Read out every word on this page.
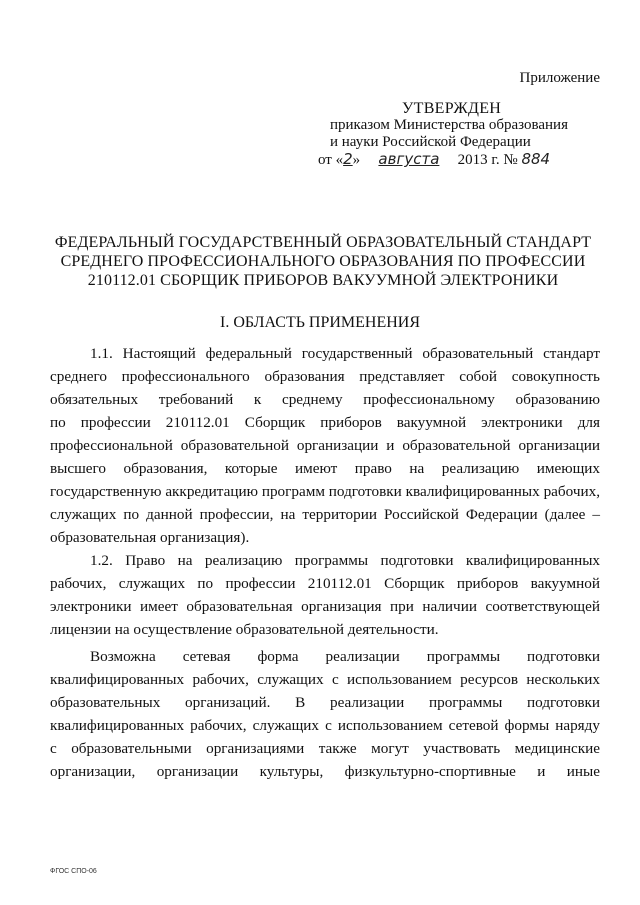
Приложение
УТВЕРЖДЕН
приказом Министерства образования
и науки Российской Федерации
от «2» августа 2013 г. № 884
ФЕДЕРАЛЬНЫЙ ГОСУДАРСТВЕННЫЙ ОБРАЗОВАТЕЛЬНЫЙ СТАНДАРТ
СРЕДНЕГО ПРОФЕССИОНАЛЬНОГО ОБРАЗОВАНИЯ ПО ПРОФЕССИИ
210112.01 СБОРЩИК ПРИБОРОВ ВАКУУМНОЙ ЭЛЕКТРОНИКИ
I. ОБЛАСТЬ ПРИМЕНЕНИЯ

1.1. Настоящий федеральный государственный образовательный стандарт
среднего профессионального образования представляет собой совокупность
обязательных требований к среднему профессиональному образованию
по профессии 210112.01 Сборщик приборов вакуумной электроники для
профессиональной образовательной организации и образовательной организации
высшего образования, которые имеют право на реализацию имеющих
государственную аккредитацию программ подготовки квалифицированных рабочих,
служащих по данной профессии, на территории Российской Федерации (далее –
образовательная организация).

1.2. Право на реализацию программы подготовки квалифицированных
рабочих, служащих по профессии 210112.01 Сборщик приборов вакуумной
электроники имеет образовательная организация при наличии соответствующей
лицензии на осуществление образовательной деятельности.

Возможна сетевая форма реализации программы подготовки
квалифицированных рабочих, служащих с использованием ресурсов нескольких
образовательных организаций. В реализации программы подготовки
квалифицированных рабочих, служащих с использованием сетевой формы наряду
с образовательными организациями также могут участвовать медицинские
организации, организации культуры, физкультурно-спортивные и иные

ФГОС СПО-06
